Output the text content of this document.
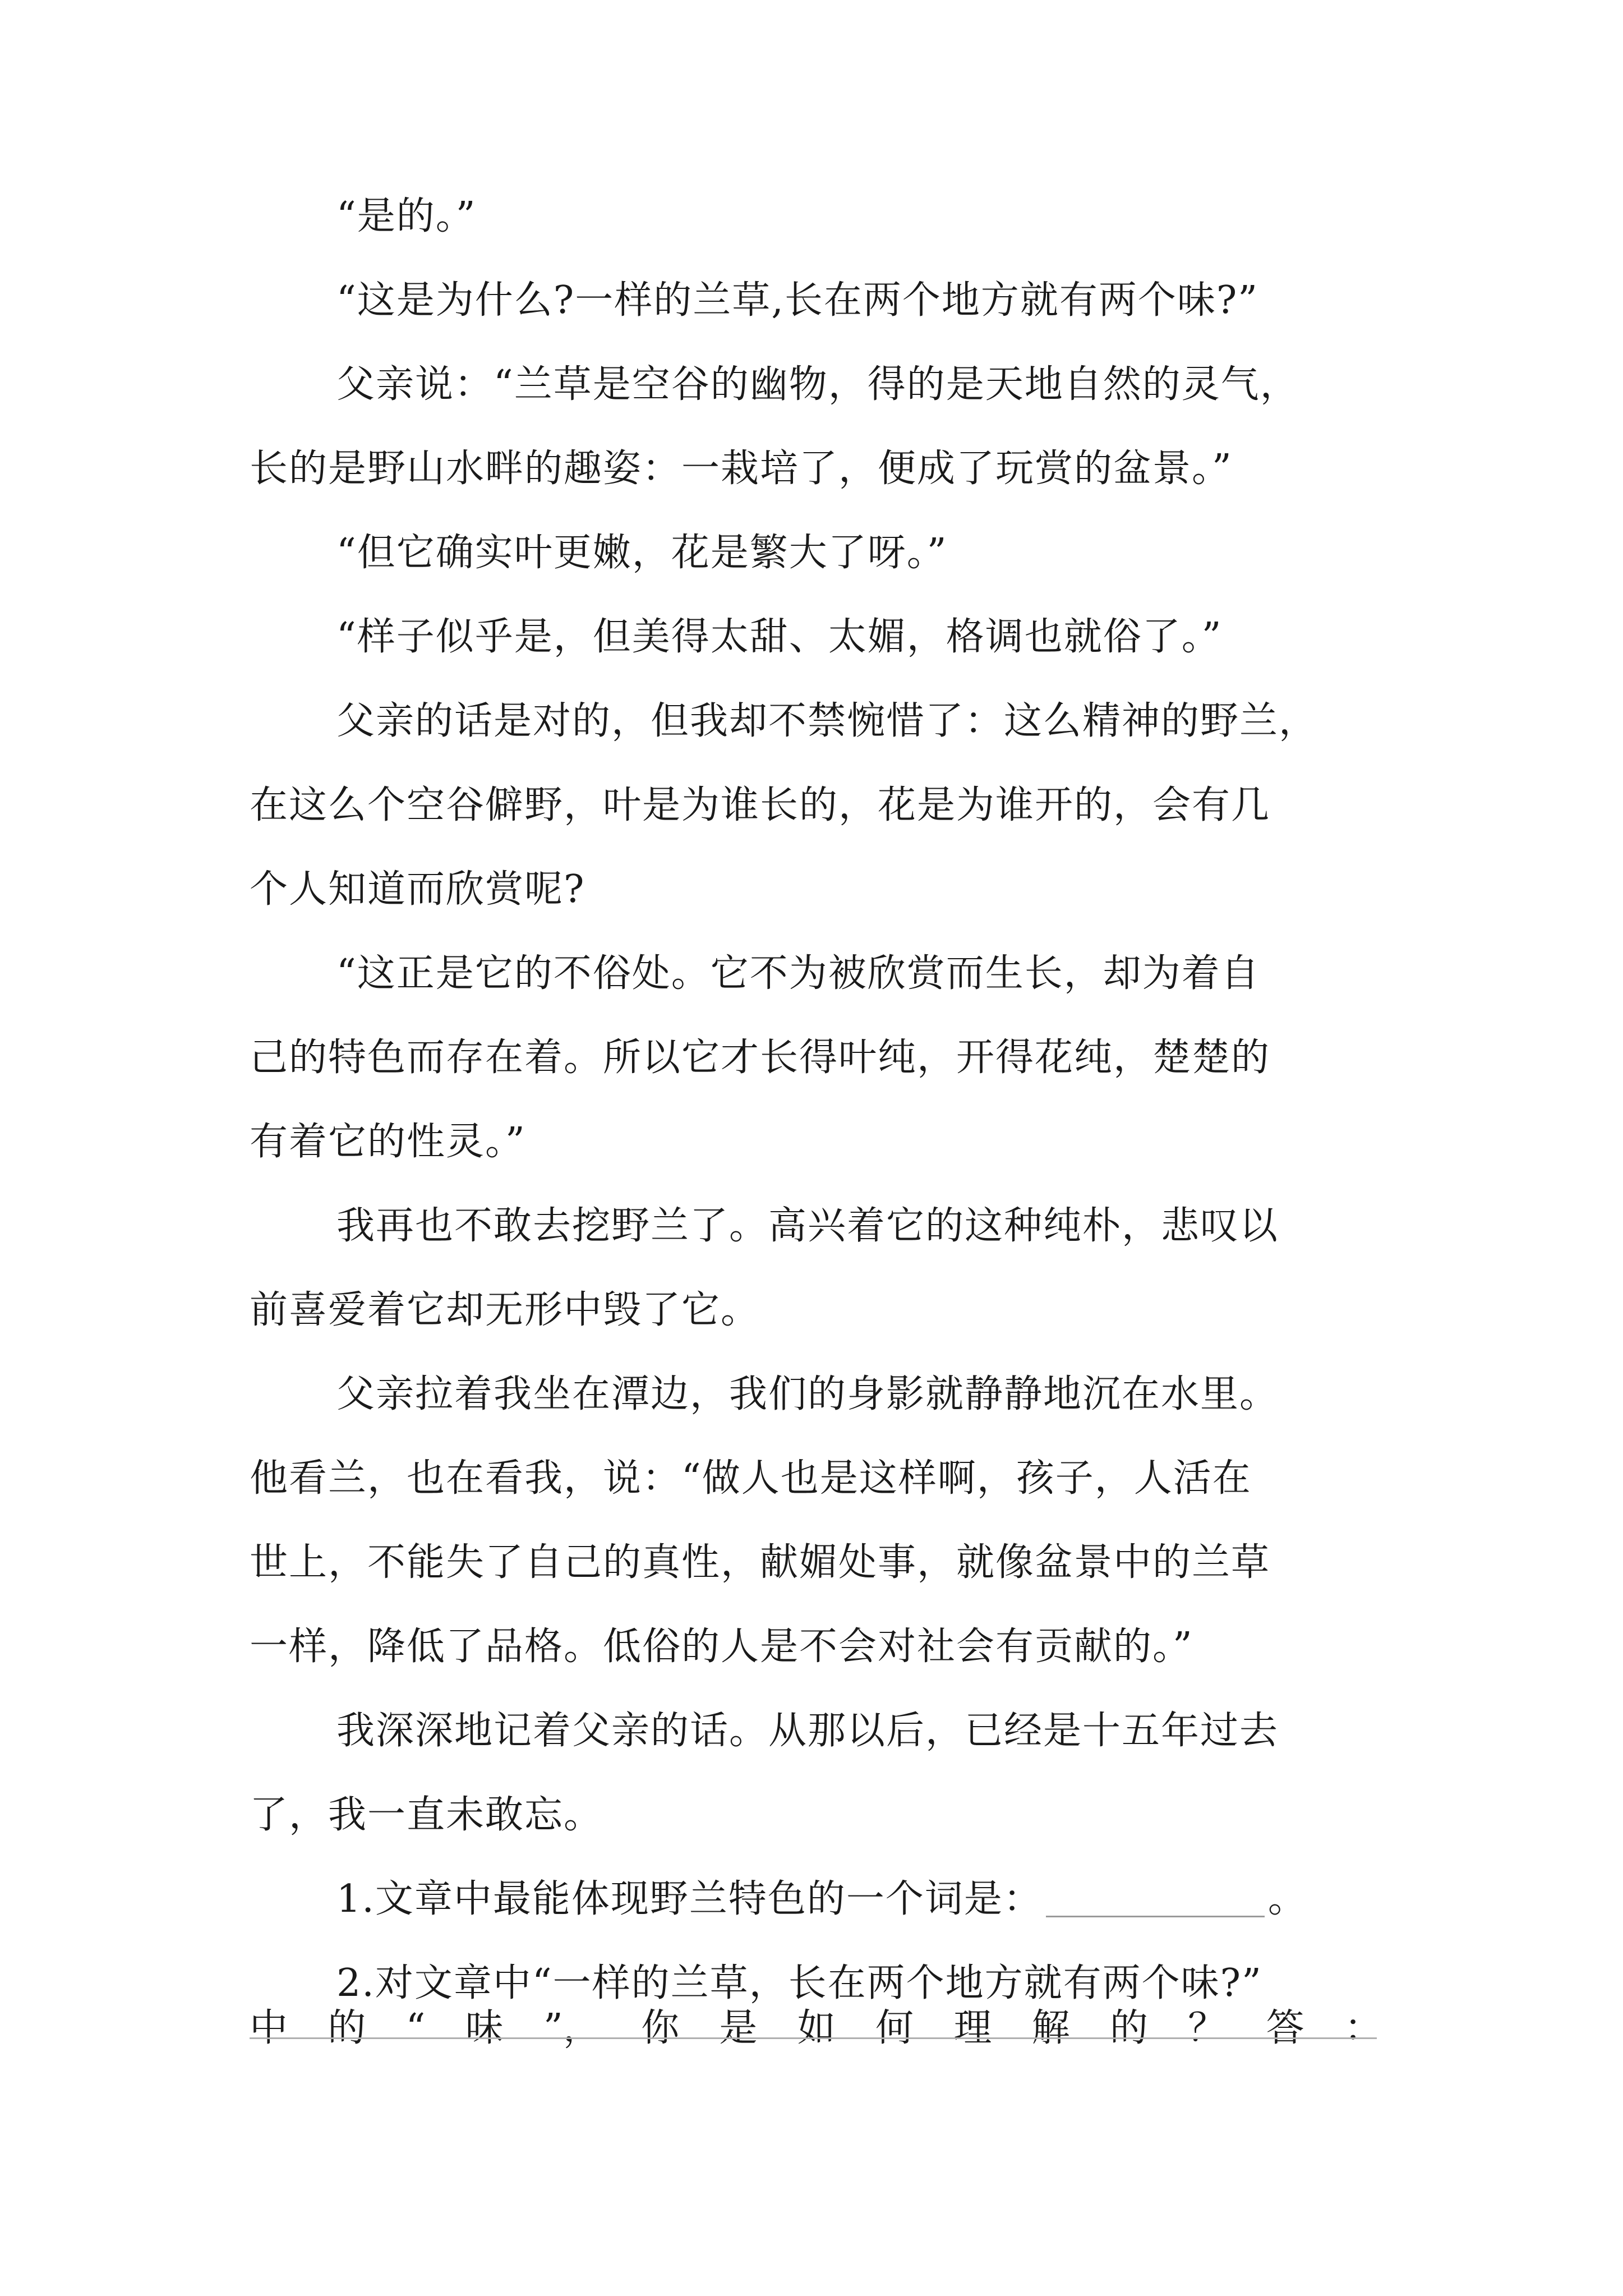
“是的。”
“这是为什么?一样的兰草,长在两个地方就有两个味?”
父亲说：“兰草是空谷的幽物，得的是天地自然的灵气，
长的是野山水畔的趣姿：一栽培了，便成了玩赏的盆景。”
“但它确实叶更嫩，花是繁大了呀。”
“样子似乎是，但美得太甜、太媚，格调也就俗了。”
父亲的话是对的，但我却不禁惋惜了：这么精神的野兰，
在这么个空谷僻野，叶是为谁长的，花是为谁开的，会有几
个人知道而欣赏呢?
“这正是它的不俗处。它不为被欣赏而生长，却为着自
己的特色而存在着。所以它才长得叶纯，开得花纯，楚楚的
有着它的性灵。”
我再也不敢去挖野兰了。高兴着它的这种纯朴，悲叹以
前喜爱着它却无形中毁了它。
父亲拉着我坐在潭边，我们的身影就静静地沉在水里。
他看兰，也在看我，说：“做人也是这样啊，孩子，人活在
世上，不能失了自己的真性，献媚处事，就像盆景中的兰草
一样，降低了品格。低俗的人是不会对社会有贡献的。”
我深深地记着父亲的话。从那以后，已经是十五年过去
了，我一直未敢忘。
1.文章中最能体现野兰特色的一个词是：	。
2.对文章中“一样的兰草，长在两个地方就有两个味?”
中 的 “ 味 ”， 你 是 如 何 理 解 的 ？ 答 ：
